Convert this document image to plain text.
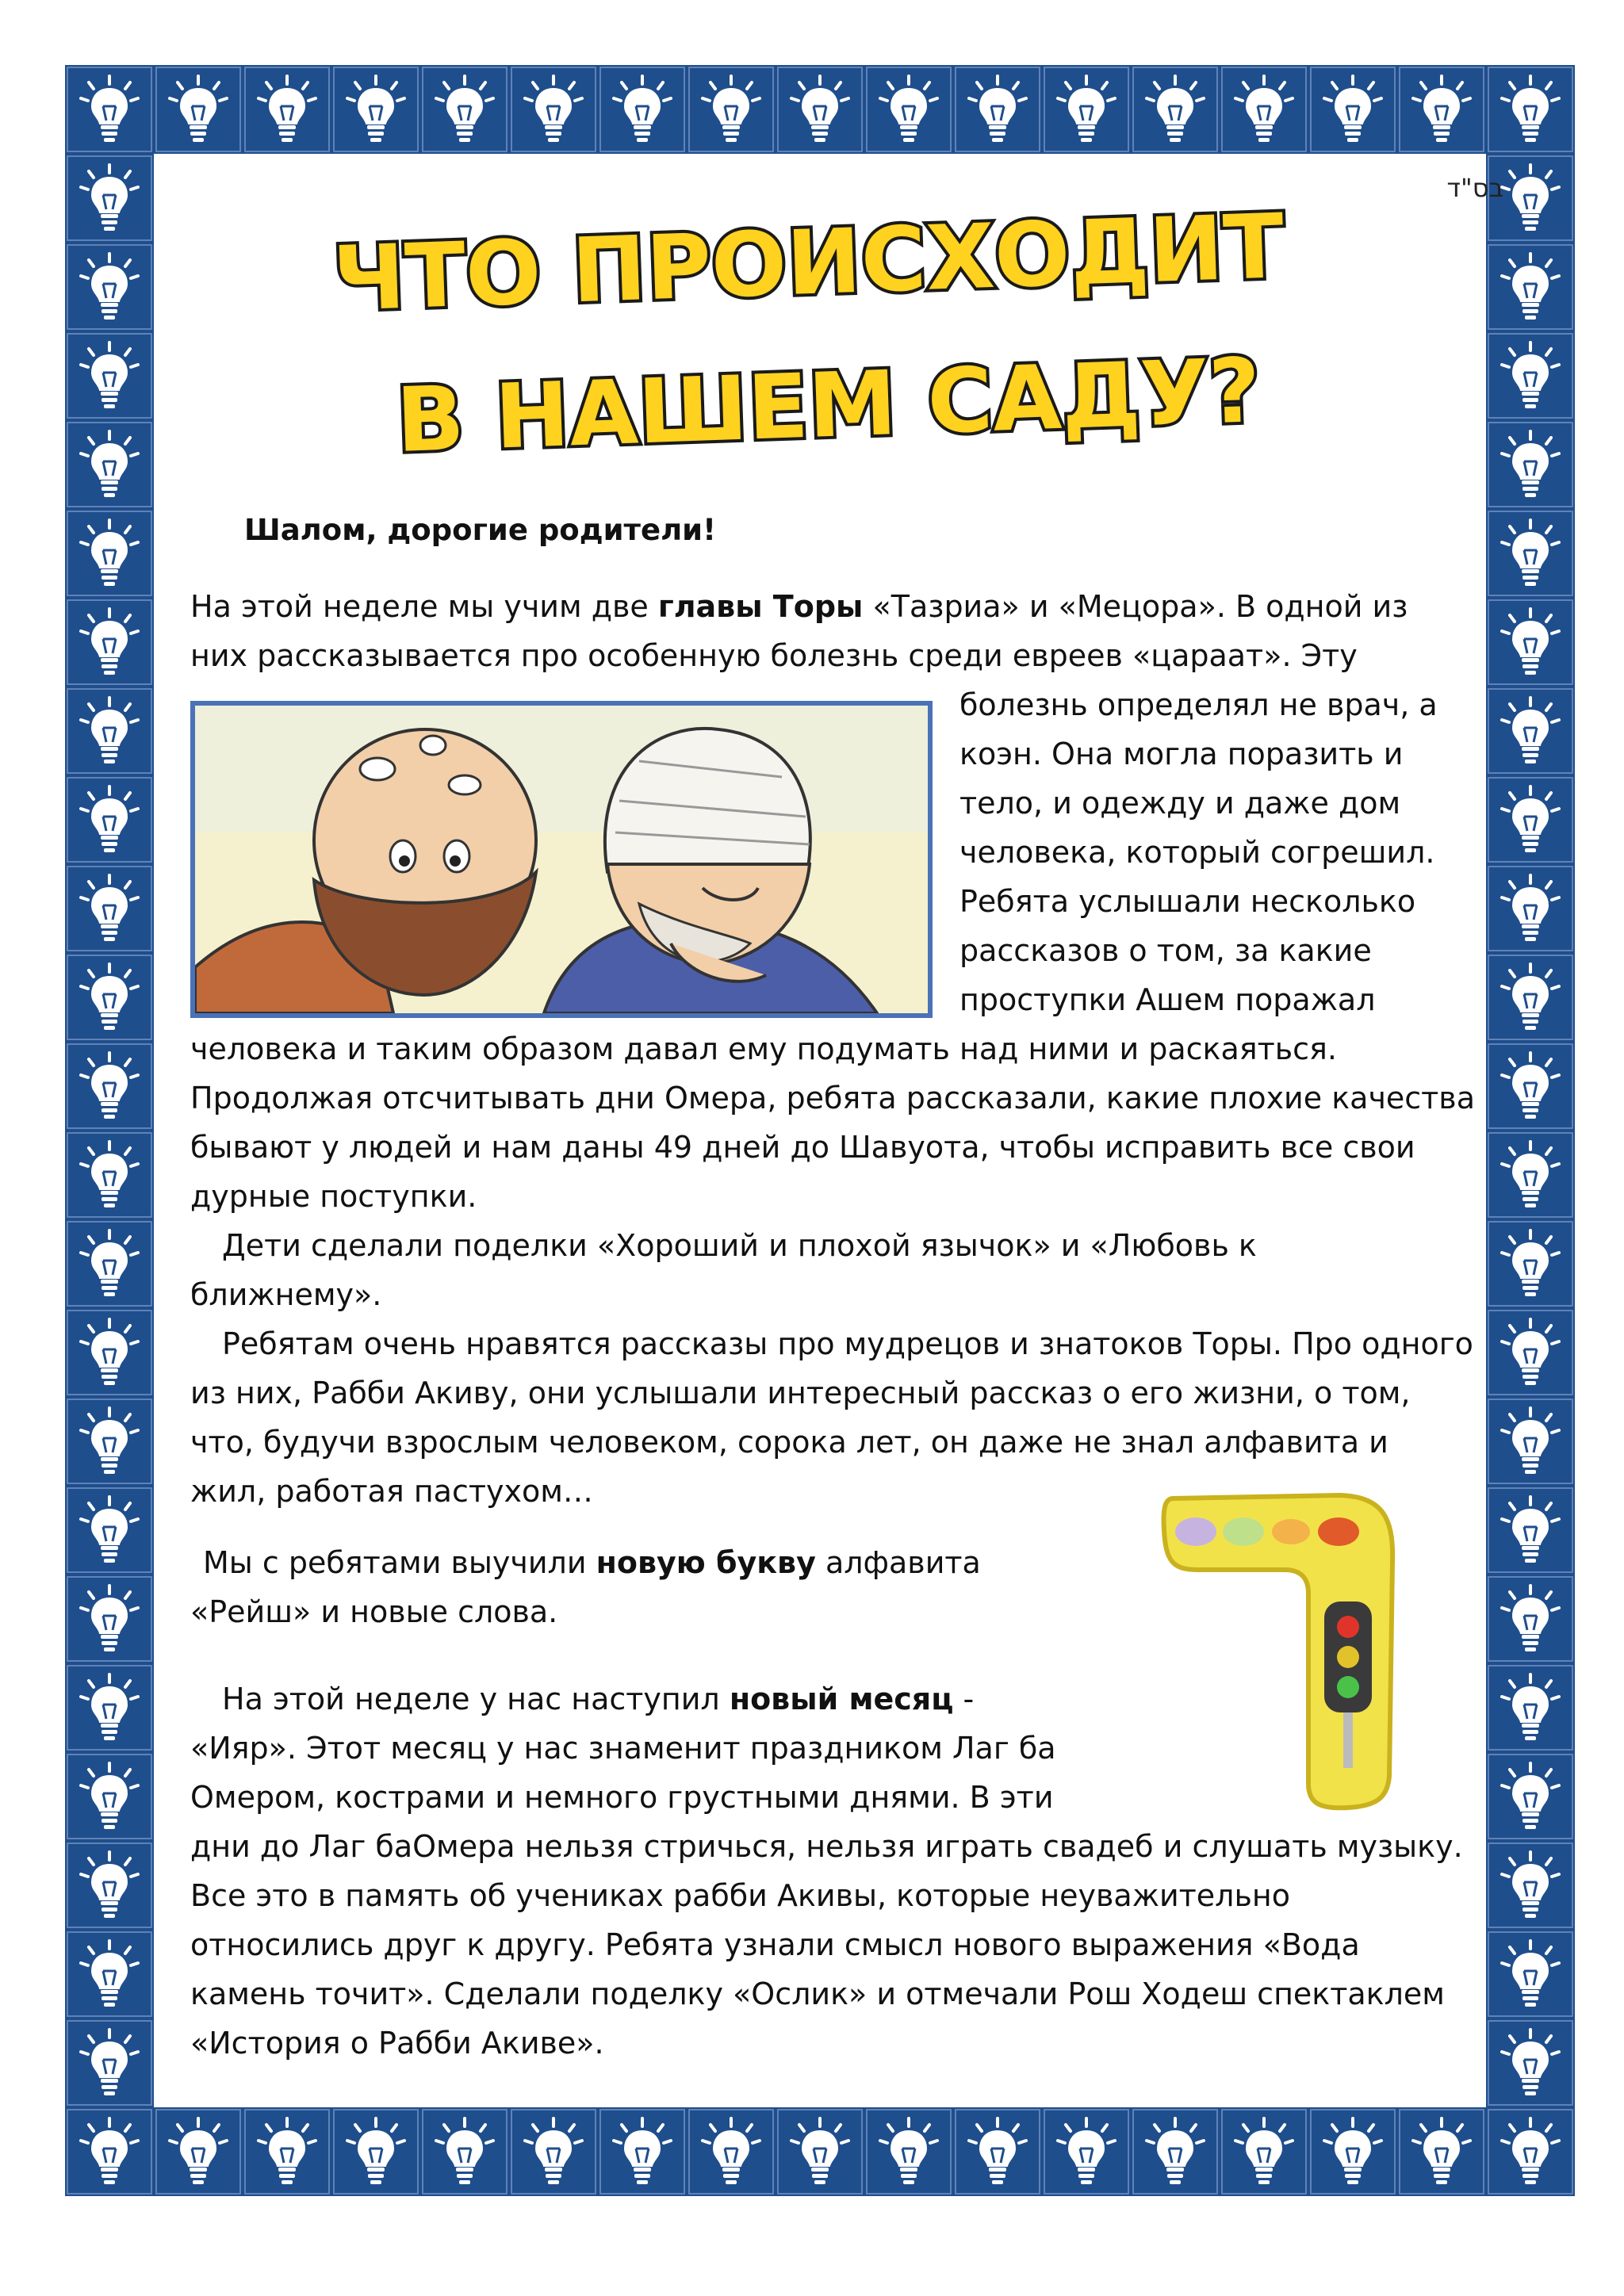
בס"ד
ЧТО ПРОИСХОДИТ
В НАШЕМ САДУ?
Шалом, дорогие родители!
На этой неделе мы учим две главы Торы «Тазриа» и «Мецора». В одной из
них рассказывается про особенную болезнь среди евреев «цараат». Эту
болезнь определял не врач, а
коэн. Она могла поразить и
тело, и одежду и даже дом
человека, который согрешил.
Ребята услышали несколько
рассказов о том, за какие
проступки Ашем поражал
человека и таким образом давал ему подумать над ними и раскаяться.
Продолжая отсчитывать дни Омера, ребята рассказали, какие плохие качества
бывают у людей и нам даны 49 дней до Шавуота, чтобы исправить все свои
дурные поступки.
Дети сделали поделки «Хороший и плохой язычок» и «Любовь к
ближнему».
Ребятам очень нравятся рассказы про мудрецов и знатоков Торы. Про одного
из них, Рабби Акиву, они услышали интересный рассказ о его жизни, о том,
что, будучи взрослым человеком, сорока лет, он даже не знал алфавита и
жил, работая пастухом…
Мы с ребятами выучили новую букву алфавита
«Рейш» и новые слова.
На этой неделе у нас наступил новый месяц -
«Ияр». Этот месяц у нас знаменит праздником Лаг ба
Омером, кострами и немного грустными днями. В эти
дни до Лаг баОмера нельзя стричься, нельзя играть свадеб и слушать музыку.
Все это в память об учениках рабби Акивы, которые неуважительно
относились друг к другу. Ребята узнали смысл нового выражения «Вода
камень точит». Сделали поделку «Ослик» и отмечали Рош Ходеш спектаклем
«История о Рабби Акиве».
